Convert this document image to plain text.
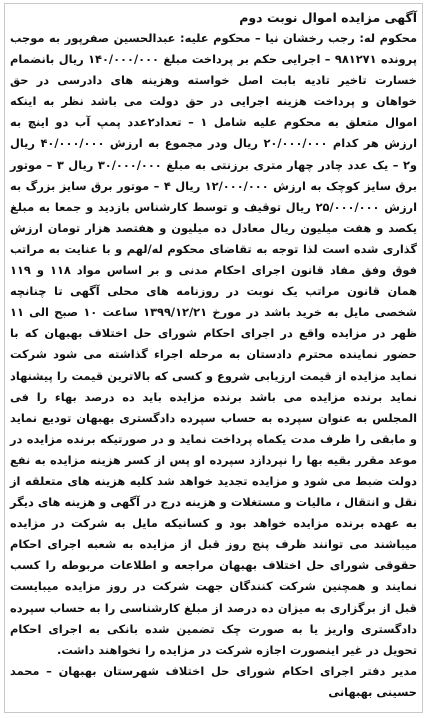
آگهی مزایده اموال نوبت دوم

محکوم له: رجب رخشان نیا – محکوم علیه: عبدالحسین صفرپور به موجب پرونده ۹۸۱۲۷۱ – اجرایی حکم بر پرداخت مبلغ ۱۴۰/۰۰۰/۰۰۰ ریال بانضمام خسارت تاخیر تادیه بابت اصل خواسته وهزینه های دادرسی در حق خواهان و پرداخت هزینه اجرایی در حق دولت می باشد نظر به اینکه اموال متعلق به محکوم علیه شامل ۱ – تعداد۲عدد پمپ آب دو اینچ به ارزش هر کدام ۲۰/۰۰۰/۰۰۰ ریال ودر مجموع به ارزش ۴۰/۰۰۰/۰۰۰ ریال و۲ – یک عدد چادر چهار متری برزنتی به مبلغ ۳۰/۰۰۰/۰۰۰ ریال ۳ – موتور برق سایز کوچک به ارزش ۱۲/۰۰۰/۰۰۰ ریال ۴ – موتور برق سایز بزرگ به ارزش ۲۵/۰۰۰/۰۰۰ ریال توقیف و توسط کارشناس بازدید و جمعا به مبلغ یکصد و هفت میلیون ریال معادل ده میلیون و هفتصد هزار تومان ارزش گذاری شده است لذا توجه به تقاضای محکوم له/لهم و با عنایت به مراتب فوق وفق مفاد قانون اجرای احکام مدنی و بر اساس مواد ۱۱۸ و ۱۱۹ همان قانون مراتب یک نوبت در روزنامه های محلی آگهی تا چنانچه شخصی مایل به خرید باشد در مورخ ۱۳۹۹/۱۲/۲۱ ساعت ۱۰ صبح الی ۱۱ ظهر در مزایده واقع در اجرای احکام شورای حل اختلاف بهبهان که با حضور نماینده محترم دادستان به مرحله اجراء گذاشته می شود شرکت نماید مزایده از قیمت ارزیابی شروع و کسی که بالاترین قیمت را پیشنهاد نماید برنده مزایده می باشد برنده مزایده باید ده درصد بهاء را فی المجلس به عنوان سپرده به حساب سپرده دادگستری بهبهان تودیع نماید و مابقی را ظرف مدت یکماه پرداخت نماید و در صورتیکه برنده مزایده در موعد مقرر بقیه بها را نپردازد سپرده او پس از کسر هزینه مزایده به نفع دولت ضبط می شود و مزایده تجدید خواهد شد کلیه هزینه های متعلقه از نقل و انتقال ، مالیات و مستغلات و هزینه درج در آگهی و هزینه های دیگر به عهده برنده مزایده خواهد بود و کسانیکه مایل به شرکت در مزایده میباشند می توانند ظرف پنج روز قبل از مزایده به شعبه اجرای احکام حقوقی شورای حل اختلاف بهبهان مراجعه و اطلاعات مربوطه را کسب نمایند و همچنین شرکت کنندگان جهت شرکت در روز مزایده میبایست قبل از برگزاری به میزان ده درصد از مبلغ کارشناسی را به حساب سپرده دادگستری واریز یا به صورت چک تضمین شده بانکی به اجرای احکام تحویل در غیر اینصورت اجازه شرکت در مزایده را نخواهند داشت.

مدیر دفتر اجرای احکام شورای حل اختلاف شهرستان بهبهان – محمد حسینی بهبهانی
